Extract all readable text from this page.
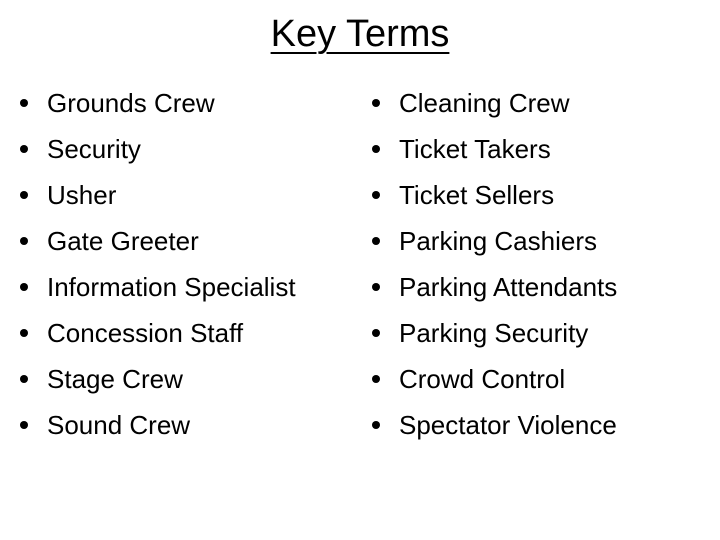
Key Terms
Grounds Crew
Security
Usher
Gate Greeter
Information Specialist
Concession Staff
Stage Crew
Sound Crew
Cleaning Crew
Ticket Takers
Ticket Sellers
Parking Cashiers
Parking Attendants
Parking Security
Crowd Control
Spectator Violence
